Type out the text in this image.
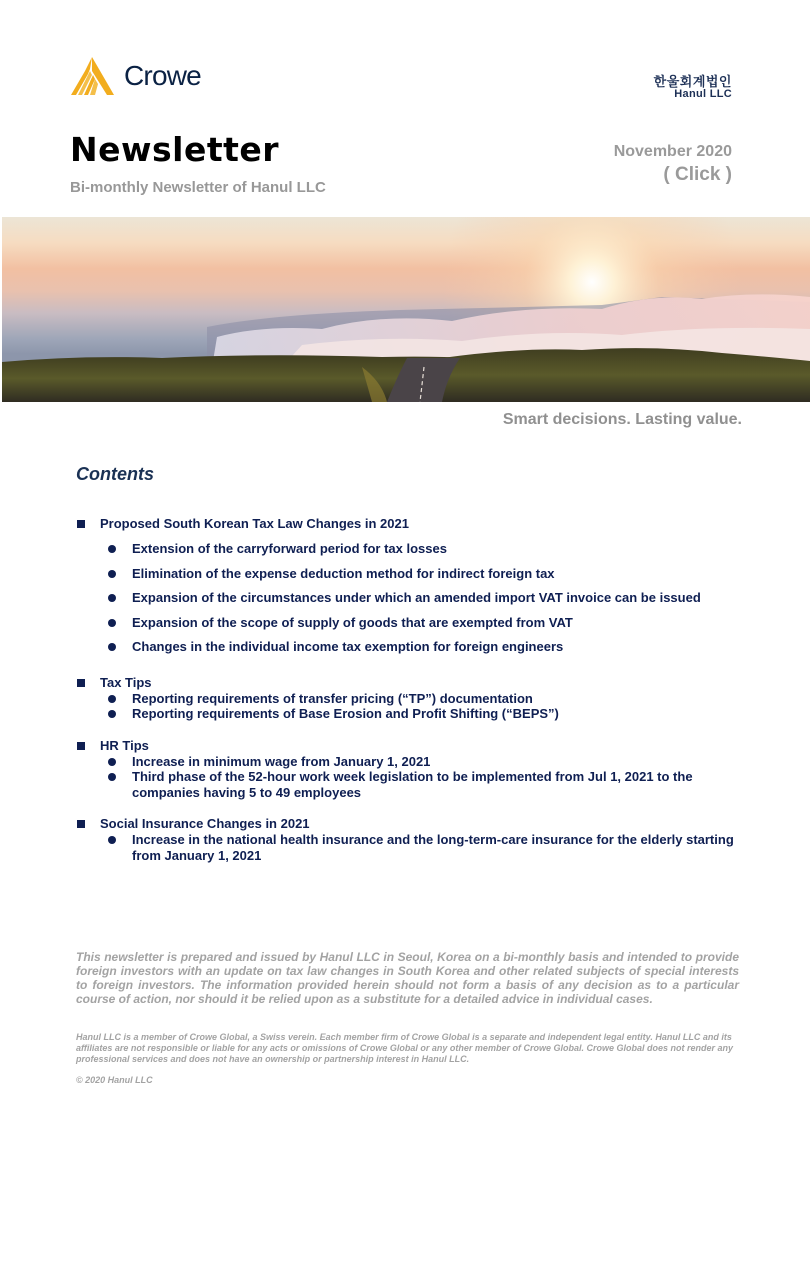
Crowe	한울회계법인
Hanul LLC
Newsletter
Bi-monthly Newsletter of Hanul LLC
November 2020
( Click )
Smart decisions. Lasting value.
Contents
Proposed South Korean Tax Law Changes in 2021
Extension of the carryforward period for tax losses
Elimination of the expense deduction method for indirect foreign tax
Expansion of the circumstances under which an amended import VAT invoice can be issued
Expansion of the scope of supply of goods that are exempted from VAT
Changes in the individual income tax exemption for foreign engineers
Tax Tips
Reporting requirements of transfer pricing (“TP”) documentation
Reporting requirements of Base Erosion and Profit Shifting (“BEPS”)
HR Tips
Increase in minimum wage from January 1, 2021
Third phase of the 52-hour work week legislation to be implemented from Jul 1, 2021 to the companies having 5 to 49 employees
Social Insurance Changes in 2021
Increase in the national health insurance and the long-term-care insurance for the elderly starting from January 1, 2021

This newsletter is prepared and issued by Hanul LLC in Seoul, Korea on a bi-monthly basis and intended to provide foreign investors with an update on tax law changes in South Korea and other related subjects of special interests to foreign investors. The information provided herein should not form a basis of any decision as to a particular course of action, nor should it be relied upon as a substitute for a detailed advice in individual cases.

Hanul LLC is a member of Crowe Global, a Swiss verein. Each member firm of Crowe Global is a separate and independent legal entity. Hanul LLC and its affiliates are not responsible or liable for any acts or omissions of Crowe Global or any other member of Crowe Global. Crowe Global does not render any professional services and does not have an ownership or partnership interest in Hanul LLC.

© 2020 Hanul LLC
